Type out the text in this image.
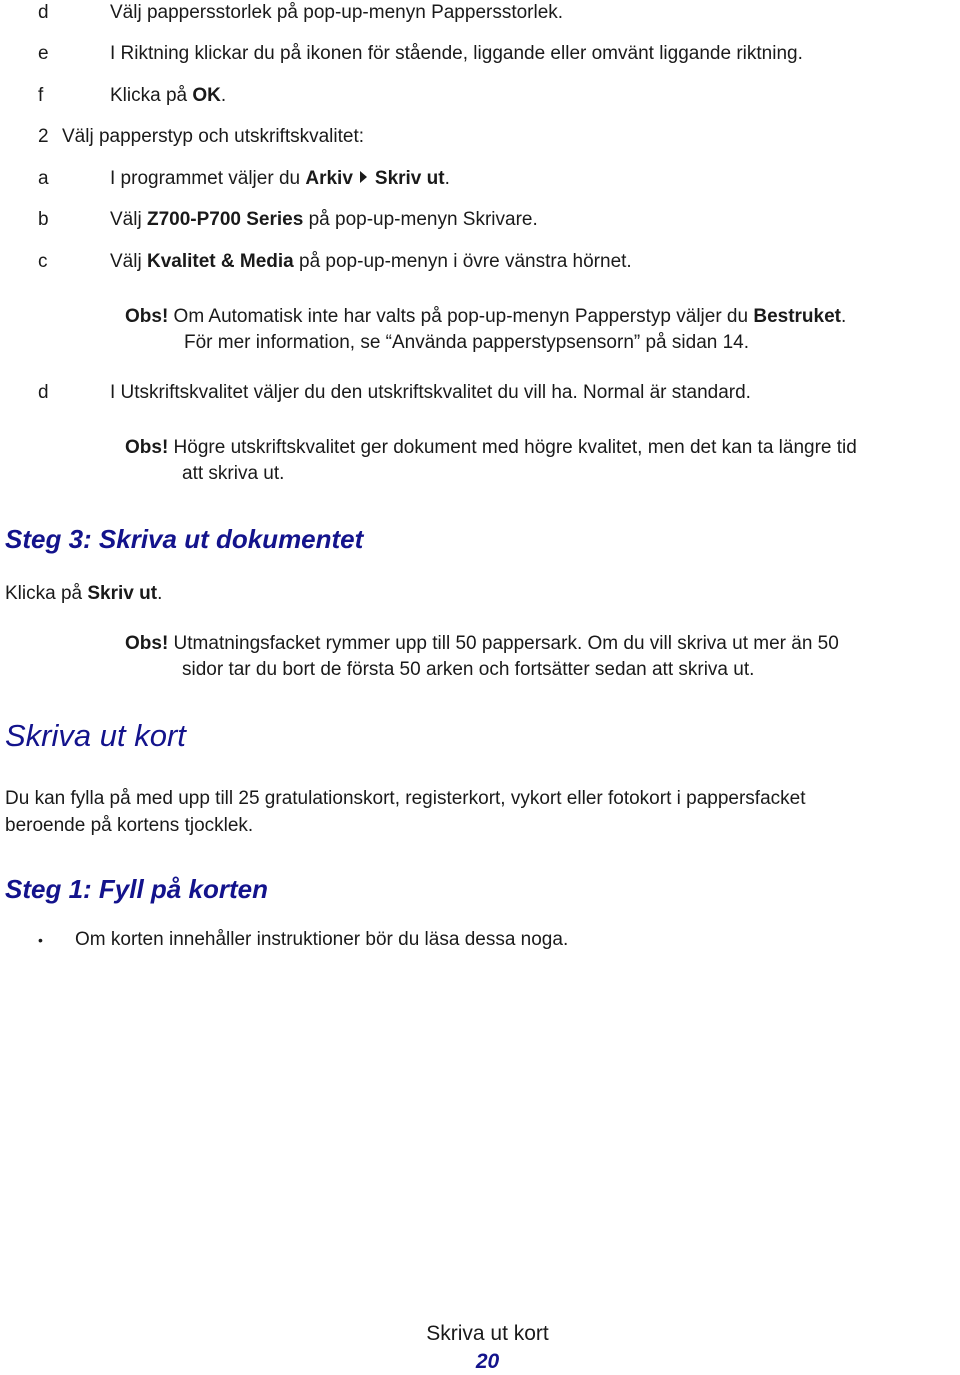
d	Välj pappersstorlek på pop-up-menyn Pappersstorlek.
e	I Riktning klickar du på ikonen för stående, liggande eller omvänt liggande riktning.
f	Klicka på OK.
2 Välj papperstyp och utskriftskvalitet:
a	I programmet väljer du Arkiv Skriv ut.
b	Välj Z700-P700 Series på pop-up-menyn Skrivare.
c	Välj Kvalitet & Media på pop-up-menyn i övre vänstra hörnet.
Obs! Om Automatisk inte har valts på pop-up-menyn Papperstyp väljer du Bestruket.
För mer information, se “Använda papperstypsensorn” på sidan 14.
d	I Utskriftskvalitet väljer du den utskriftskvalitet du vill ha. Normal är standard.
Obs! Högre utskriftskvalitet ger dokument med högre kvalitet, men det kan ta längre tid
att skriva ut.
Steg 3: Skriva ut dokumentet
Klicka på Skriv ut.
Obs! Utmatningsfacket rymmer upp till 50 pappersark. Om du vill skriva ut mer än 50
sidor tar du bort de första 50 arken och fortsätter sedan att skriva ut.
Skriva ut kort
Du kan fylla på med upp till 25 gratulationskort, registerkort, vykort eller fotokort i pappersfacket
beroende på kortens tjocklek.
Steg 1: Fyll på korten
• Om korten innehåller instruktioner bör du läsa dessa noga.
Skriva ut kort
20
